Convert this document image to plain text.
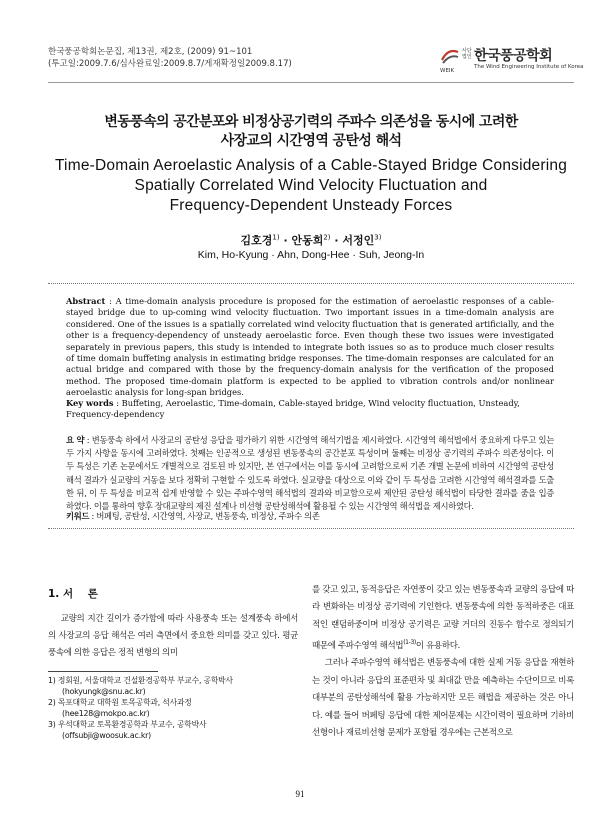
한국풍공학회논문집, 제13권, 제2호, (2009) 91~101
(투고일:2009.7.6/심사완료일:2009.8.7/게재확정일2009.8.17)
사단 법인 한국풍공학회
WEIK
The Wind Engineering Institute of Korea
변동풍속의 공간분포와 비정상공기력의 주파수 의존성을 동시에 고려한
사장교의 시간영역 공탄성 해석
Time-Domain Aeroelastic Analysis of a Cable-Stayed Bridge Considering
Spatially Correlated Wind Velocity Fluctuation and
Frequency-Dependent Unsteady Forces
김호경$^{1)}$ · 안동희$^{2)}$ · 서정인$^{3)}$
Kim, Ho-Kyung · Ahn, Dong-Hee · Suh, Jeong-In
Abstract : A time-domain analysis procedure is proposed for the estimation of aeroelastic responses of a cable-stayed bridge due to up-coming wind velocity fluctuation. Two important issues in a time-domain analysis are considered. One of the issues is a spatially correlated wind velocity fluctuation that is generated artificially, and the other is a frequency-dependency of unsteady aeroelastic force. Even though these two issues were investigated separately in previous papers, this study is intended to integrate both issues so as to produce much closer results of time domain buffeting analysis in estimating bridge responses. The time-domain responses are calculated for an actual bridge and compared with those by the frequency-domain analysis for the verification of the proposed method. The proposed time-domain platform is expected to be applied to vibration controls and/or nonlinear aeroelastic analysis for long-span bridges.
Key words : Buffeting, Aeroelastic, Time-domain, Cable-stayed bridge, Wind velocity fluctuation, Unsteady, Frequency-dependency
요 약 : 변동풍속 하에서 사장교의 공탄성 응답을 평가하기 위한 시간영역 해석기법을 제시하였다. 시간영역 해석법에서 중요하게 다루고 있는 두 가지 사항을 동시에 고려하였다. 첫째는 인공적으로 생성된 변동풍속의 공간분포 특성이며 둘째는 비정상 공기력의 주파수 의존성이다. 이 두 특성은 기존 논문에서도 개별적으로 검토된 바 있지만, 본 연구에서는 이를 동시에 고려함으로써 기존 개별 논문에 비하여 시간영역 공탄성 해석 결과가 실교량의 거동을 보다 정확히 구현할 수 있도록 하였다. 실교량을 대상으로 이와 같이 두 특성을 고려한 시간영역 해석결과를 도출한 뒤, 이 두 특성을 비교적 쉽게 반영할 수 있는 주파수영역 해석법의 결과와 비교함으로써 제안된 공탄성 해석법이 타당한 결과를 줌을 입증하였다. 이를 통하여 향후 장대교량의 제진 설계나 비선형 공탄성해석에 활용될 수 있는 시간영역 해석법을 제시하였다.
키워드 : 버페팅, 공탄성, 시간영역, 사장교, 변동풍속, 비정상, 주파수 의존
1. 서    론

교량의 지간 길이가 증가함에 따라 사용풍속 또는 설계풍속 하에서의 사장교의 응답 해석은 여러 측면에서 중요한 의미를 갖고 있다. 평균풍속에 의한 응답은 정적 변형의 의미

를 갖고 있고, 동적응답은 자연풍이 갖고 있는 변동풍속과 교량의 응답에 따라 변화하는 비정상 공기력에 기인한다. 변동풍속에 의한 동적하중은 대표적인 랜덤하중이며 비정상 공기력은 교량 거더의 진동수 함수로 정의되기 때문에 주파수영역 해석법$^{(1-3)}$이 유용하다.

그러나 주파수영역 해석법은 변동풍속에 대한 실제 거동 응답을 재현하는 것이 아니라 응답의 표준편차 및 최대값 만을 예측하는 수단이므로 비록 대부분의 공탄성해석에 활용 가능하지만 모든 해법을 제공하는 것은 아니다. 예를 들어 버페팅 응답에 대한 제어문제는 시간이력이 필요하며 기하비선형이나 재료비선형 문제가 포함될 경우에는 근본적으로

1) 정회원, 서울대학교 건설환경공학부 부교수, 공학박사
(hokyungk@snu.ac.kr)
2) 목포대학교 대학원 토목공학과, 석사과정
(hee128@mokpo.ac.kr)
3) 우석대학교 토목환경공학과 부교수, 공학박사
(offsubji@woosuk.ac.kr)
91
